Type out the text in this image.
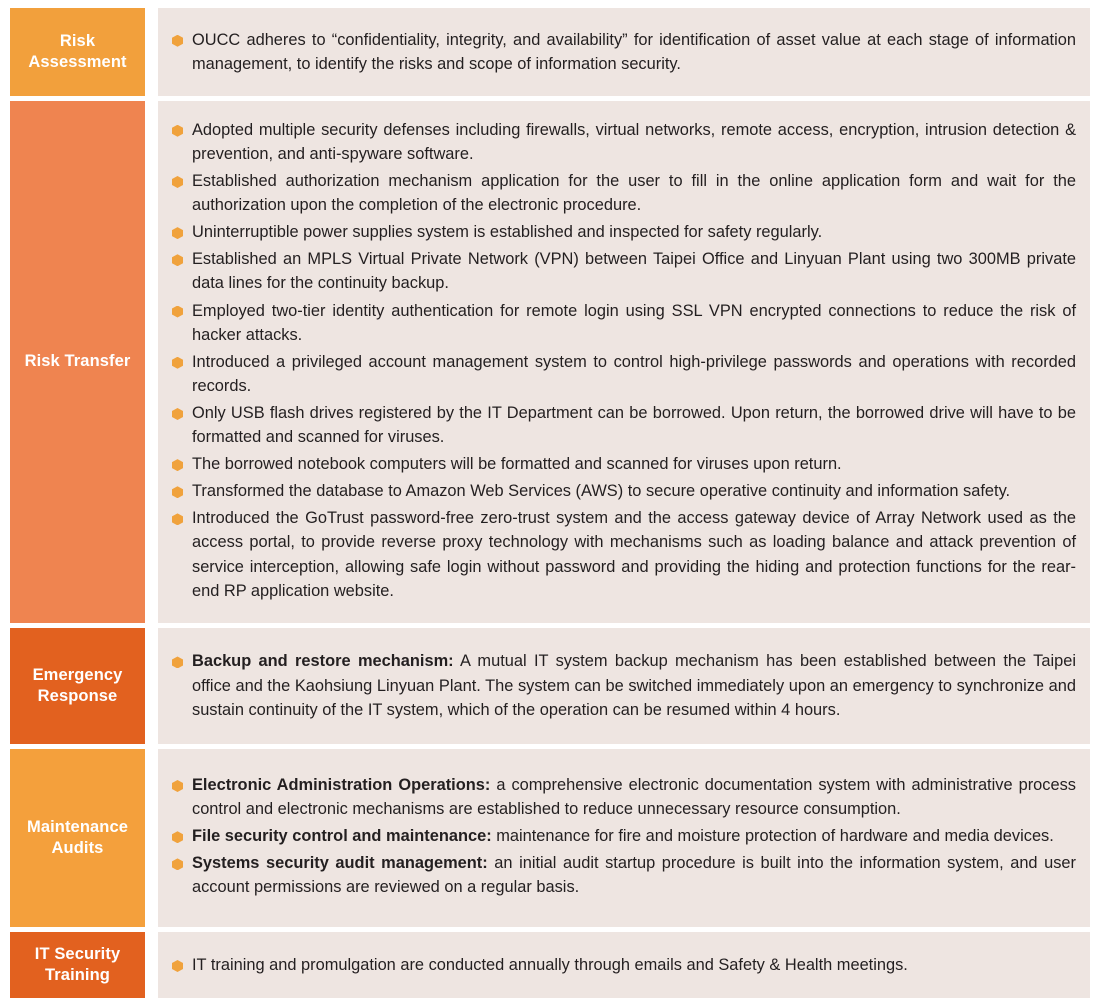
Risk Assessment
OUCC adheres to “confidentiality, integrity, and availability” for identification of asset value at each stage of information management, to identify the risks and scope of information security.
Risk Transfer
Adopted multiple security defenses including firewalls, virtual networks, remote access, encryption, intrusion detection & prevention, and anti-spyware software.
Established authorization mechanism application for the user to fill in the online application form and wait for the authorization upon the completion of the electronic procedure.
Uninterruptible power supplies system is established and inspected for safety regularly.
Established an MPLS Virtual Private Network (VPN) between Taipei Office and Linyuan Plant using two 300MB private data lines for the continuity backup.
Employed two-tier identity authentication for remote login using SSL VPN encrypted connections to reduce the risk of hacker attacks.
Introduced a privileged account management system to control high-privilege passwords and operations with recorded records.
Only USB flash drives registered by the IT Department can be borrowed. Upon return, the borrowed drive will have to be formatted and scanned for viruses.
The borrowed notebook computers will be formatted and scanned for viruses upon return.
Transformed the database to Amazon Web Services (AWS) to secure operative continuity and information safety.
Introduced the GoTrust password-free zero-trust system and the access gateway device of Array Network used as the access portal, to provide reverse proxy technology with mechanisms such as loading balance and attack prevention of service interception, allowing safe login without password and providing the hiding and protection functions for the rear-end RP application website.
Emergency Response
Backup and restore mechanism: A mutual IT system backup mechanism has been established between the Taipei office and the Kaohsiung Linyuan Plant. The system can be switched immediately upon an emergency to synchronize and sustain continuity of the IT system, which of the operation can be resumed within 4 hours.
Maintenance Audits
Electronic Administration Operations: a comprehensive electronic documentation system with administrative process control and electronic mechanisms are established to reduce unnecessary resource consumption.
File security control and maintenance: maintenance for fire and moisture protection of hardware and media devices.
Systems security audit management: an initial audit startup procedure is built into the information system, and user account permissions are reviewed on a regular basis.
IT Security Training
IT training and promulgation are conducted annually through emails and Safety & Health meetings.
